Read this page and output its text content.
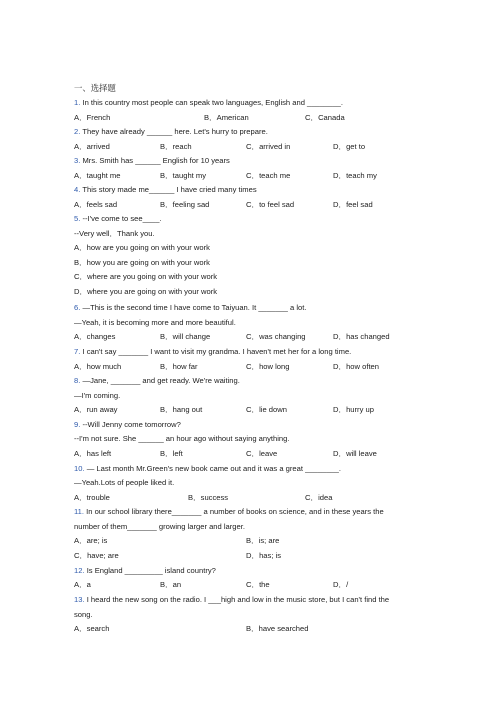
一、选择题
1. In this country most people can speak two languages, English and ________.
A．French	B．American	C．Canada
2. They have already ______ here. Let's hurry to prepare.
A．arrived	B．reach	C．arrived in	D．get to
3. Mrs. Smith has ______ English for 10 years
A．taught me	B．taught my	C．teach me	D．teach my
4. This story made me______ I have cried many times
A．feels sad	B．feeling sad	C．to feel sad	D．feel sad
5. --I've come to see____.
--Very well．Thank you.
A．how are you going on with your work
B．how you are going on with your work
C．where are you going on with your work
D．where you are going on with your work
6. —This is the second time I have come to Taiyuan. It _______ a lot.
—Yeah, it is becoming more and more beautiful.
A．changes	B．will change	C．was changing	D．has changed
7. I can't say _______ I want to visit my grandma. I haven't met her for a long time.
A．how much	B．how far	C．how long	D．how often
8. —Jane, _______ and get ready. We're waiting.
—I'm coming.
A．run away	B．hang out	C．lie down	D．hurry up
9. --Will Jenny come tomorrow?
--I'm not sure. She ______ an hour ago without saying anything.
A．has left	B．left	C．leave	D．will leave
10. — Last month Mr.Green's new book came out and it was a great ________.
—Yeah.Lots of people liked it.
A．trouble	B．success	C．idea
11. In our school library there_______ a number of books on science, and in these years the
number of them_______ growing larger and larger.
A．are; is	B．is; are
C．have; are	D．has; is
12. Is England _________ island country?
A．a	B．an	C．the	D．/
13. I heard the new song on the radio. I ___high and low in the music store, but I can't find the
song.
A．search	B．have searched
